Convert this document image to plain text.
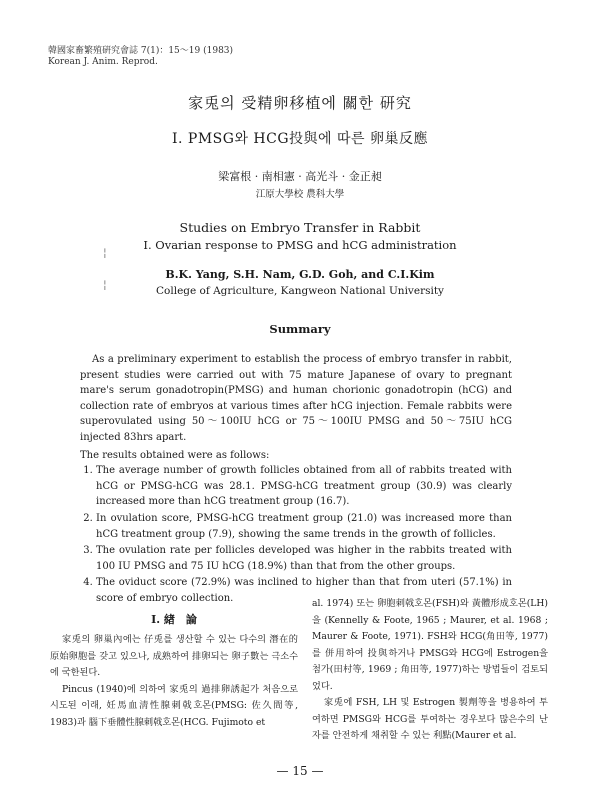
韓國家畜繁殖硏究會誌 7(1)：15～19 (1983)
Korean J. Anim. Reprod.
家兎의 受精卵移植에 關한 研究
Ⅰ. PMSG와 HCG投與에 따른 卵巢反應
梁富根 · 南相憲 · 高光斗 · 金正昶
江原大學校 農科大學
Studies on Embryo Transfer in Rabbit
I. Ovarian response to PMSG and hCG administration
¦
B.K. Yang, S.H. Nam, G.D. Goh, and C.I.Kim
¦	College of Agriculture, Kangweon National University
Summary

As a preliminary experiment to establish the process of embryo transfer in rabbit, present studies were carried out with 75 mature Japanese of ovary to pregnant mare's serum gonadotropin(PMSG) and human chorionic gonadotropin (hCG) and collection rate of embryos at various times after hCG injection. Female rabbits were superovulated using 50～100IU hCG or 75～100IU PMSG and 50～75IU hCG injected 83hrs apart.

The results obtained were as follows:

1. The average number of growth follicles obtained from all of rabbits treated with hCG or PMSG-hCG was 28.1. PMSG-hCG treatment group (30.9) was clearly increased more than hCG treatment group (16.7).
2. In ovulation score, PMSG-hCG treatment group (21.0) was increased more than hCG treatment group (7.9), showing the same trends in the growth of follicles.
3. The ovulation rate per follicles developed was higher in the rabbits treated with 100 IU PMSG and 75 IU hCG (18.9%) than that from the other groups.
4. The oviduct score (72.9%) was inclined to higher than that from uteri (57.1%) in score of embryo collection.
Ⅰ. 緖　論

家兎의 卵巢內에는 仔兎를 생산할 수 있는 다수의 潛在的 原始卵胞를 갖고 있으나, 成熟하여 排卵되는 卵子數는 극소수에 국한된다.

Pincus (1940)에 의하여 家兎의 過排卵誘起가 처음으로 시도된 이래, 妊馬血淸性腺刺戟호몬(PMSG: 佐久間等, 1983)과 腦下垂體性腺刺戟호몬(HCG. Fujimoto et

al. 1974) 또는 卵胞刺戟호몬(FSH)와 黃體形成호몬(LH)을 (Kennelly & Foote, 1965 ; Maurer, et al. 1968 ; Maurer & Foote, 1971). FSH와 HCG(角田等, 1977)를 併用하여 投與하거나 PMSG와 HCG에 Estrogen을 첨가(田村等, 1969 ; 角田等, 1977)하는 방법들이 검토되었다.

家兎에 FSH, LH 및 Estrogen 製劑等을 병용하여 투여하면 PMSG와 HCG를 투여하는 경우보다 많은수의 난자를 안전하게 채취할 수 있는 利點(Maurer et al.

— 15 —
